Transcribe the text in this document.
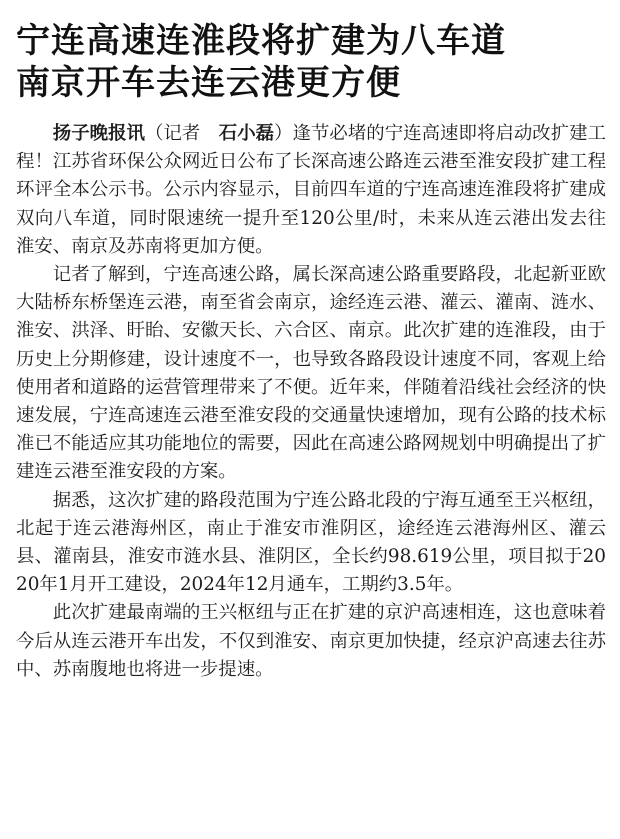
宁连高速连淮段将扩建为八车道
南京开车去连云港更方便

扬子晚报讯（记者　石小磊）逢节必堵的宁连高速即将启动改扩建工程！江苏省环保公众网近日公布了长深高速公路连云港至淮安段扩建工程环评全本公示书。公示内容显示，目前四车道的宁连高速连淮段将扩建成双向八车道，同时限速统一提升至120公里/时，未来从连云港出发去往淮安、南京及苏南将更加方便。

记者了解到，宁连高速公路，属长深高速公路重要路段，北起新亚欧大陆桥东桥堡连云港，南至省会南京，途经连云港、灌云、灌南、涟水、淮安、洪泽、盱眙、安徽天长、六合区、南京。此次扩建的连淮段，由于历史上分期修建，设计速度不一，也导致各路段设计速度不同，客观上给使用者和道路的运营管理带来了不便。近年来，伴随着沿线社会经济的快速发展，宁连高速连云港至淮安段的交通量快速增加，现有公路的技术标准已不能适应其功能地位的需要，因此在高速公路网规划中明确提出了扩建连云港至淮安段的方案。

据悉，这次扩建的路段范围为宁连公路北段的宁海互通至王兴枢纽，北起于连云港海州区，南止于淮安市淮阴区，途经连云港海州区、灌云县、灌南县，淮安市涟水县、淮阴区，全长约98.619公里，项目拟于2020年1月开工建设，2024年12月通车，工期约3.5年。

此次扩建最南端的王兴枢纽与正在扩建的京沪高速相连，这也意味着今后从连云港开车出发，不仅到淮安、南京更加快捷，经京沪高速去往苏中、苏南腹地也将进一步提速。
